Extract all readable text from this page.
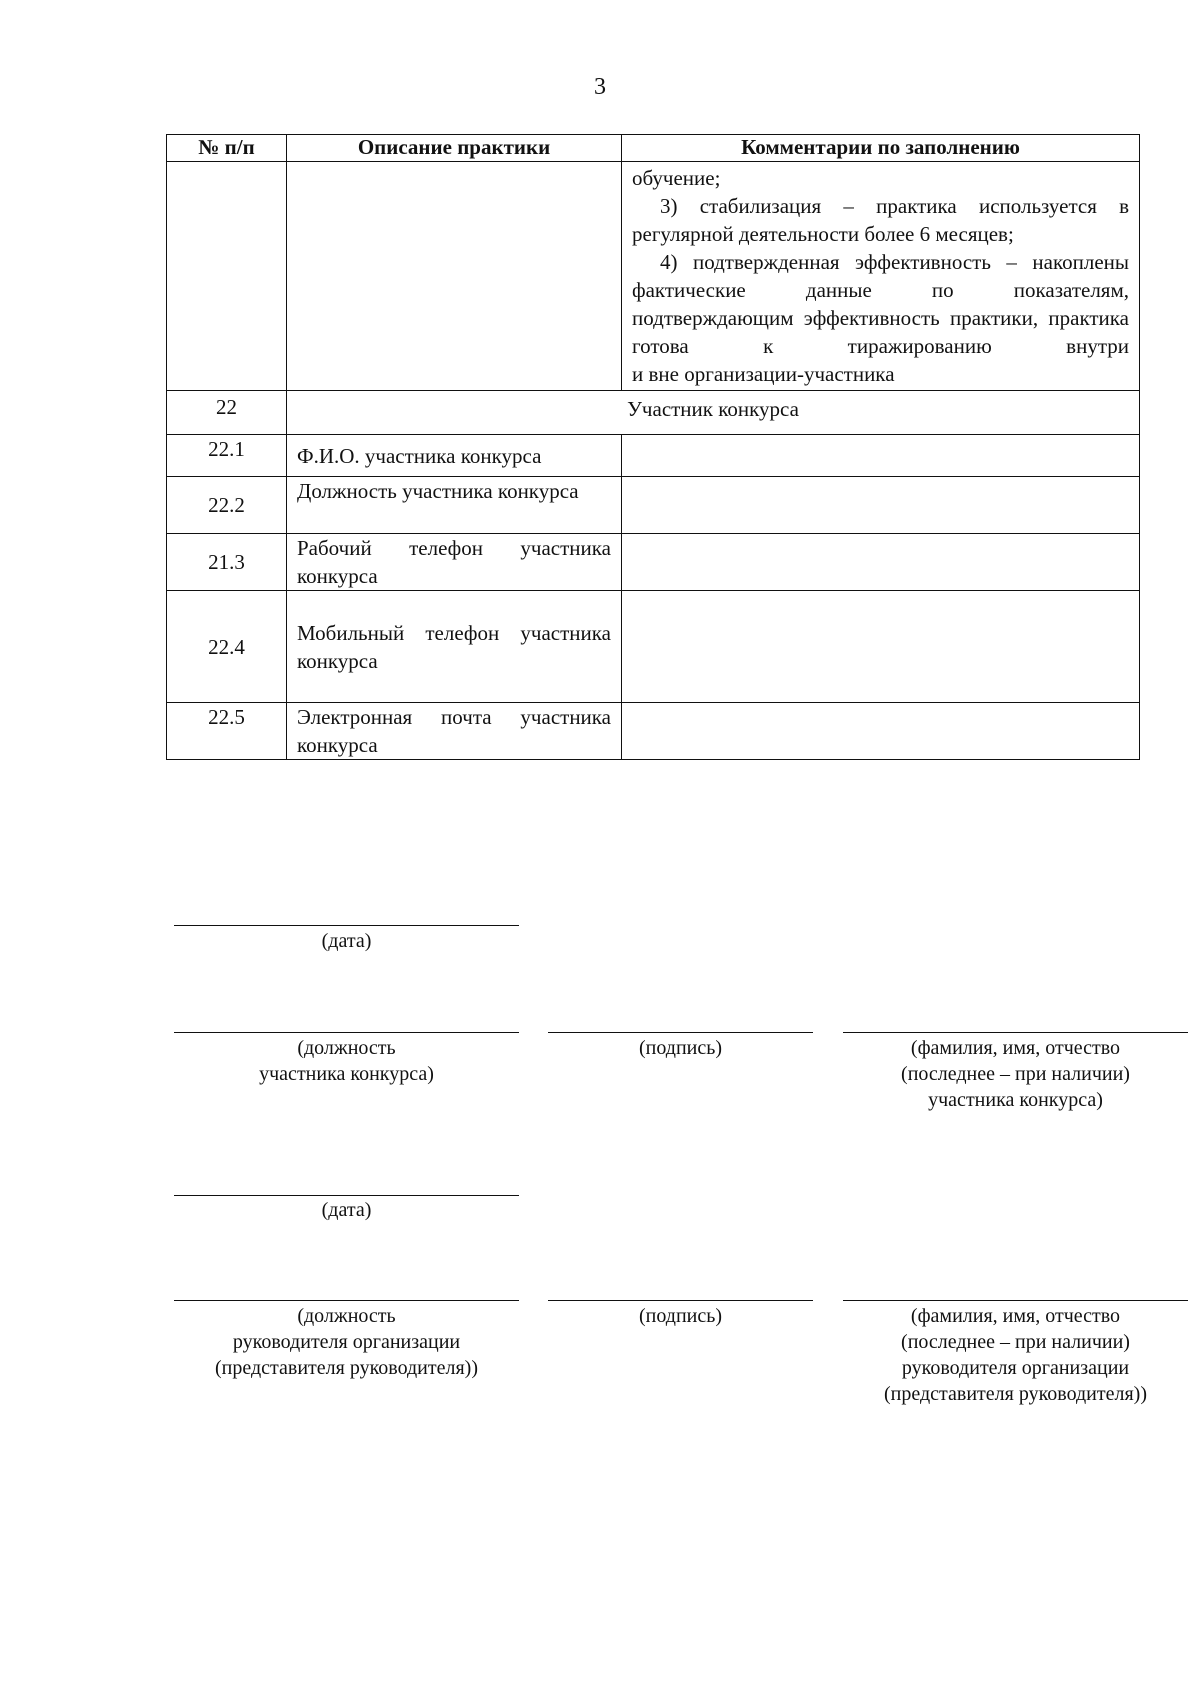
3
№ п/п	Описание практики	Комментарии по заполнению

		обучение;
3) стабилизация – практика используется в регулярной деятельности более 6 месяцев;
4) подтвержденная эффективность – накоплены фактические данные по показателям, подтверждающим эффективность практики, практика готова к тиражированию внутри
и вне организации-участника

22	Участник конкурса	
22.1	Ф.И.О. участника конкурса	
22.2	Должность участника конкурса	
21.3	Рабочий телефон участника конкурса	
22.4	Мобильный телефон участника конкурса	
22.5	Электронная почта участника конкурса	
(дата)
(должность
участника конкурса)
(подпись)	(фамилия, имя, отчество
(последнее – при наличии)
участника конкурса)
(дата)
(должность
руководителя организации
(представителя руководителя))
(подпись)	(фамилия, имя, отчество
(последнее – при наличии)
руководителя организации
(представителя руководителя))
